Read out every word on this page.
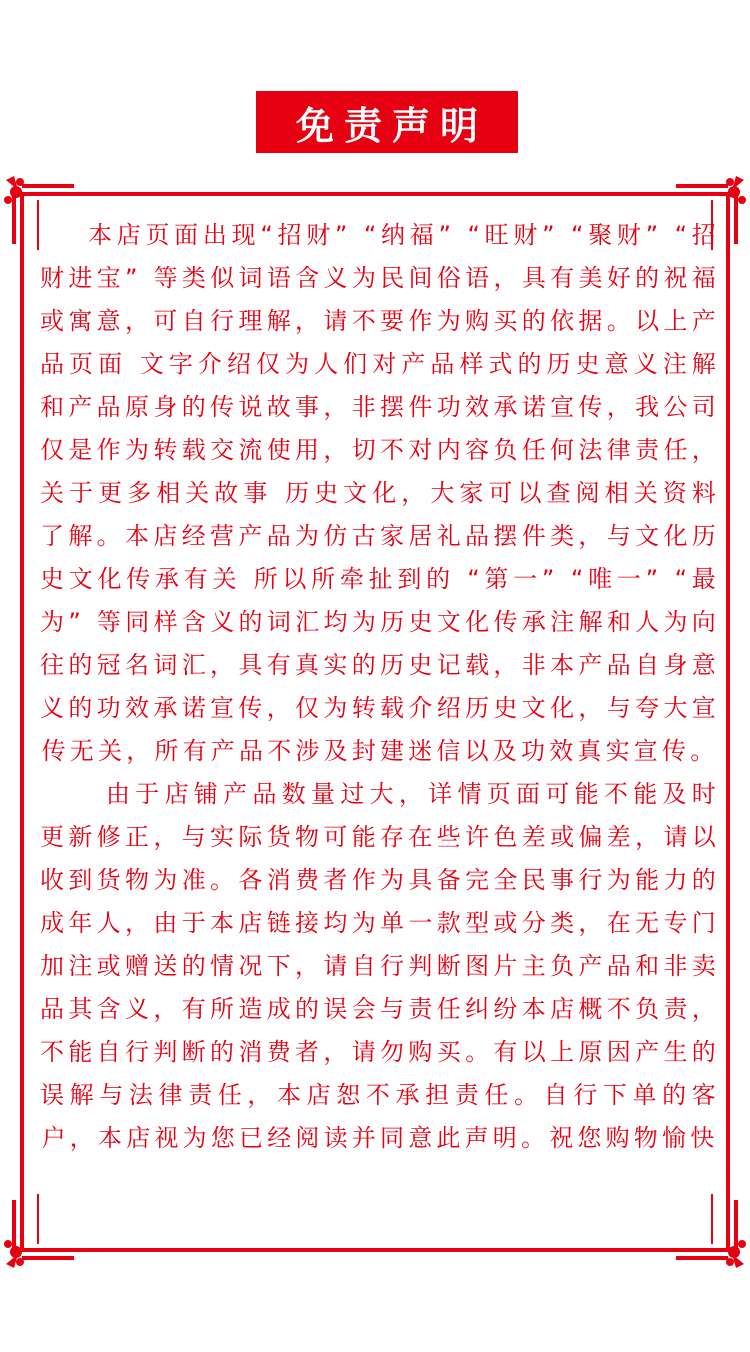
免责声明

本店页面出现“招财” “纳福” “旺财” “聚财” “招财进宝” 等类似词语含义为民间俗语，具有美好的祝福或寓意，可自行理解，请不要作为购买的依据。以上产品页面 文字介绍仅为人们对产品样式的历史意义注解和产品原身的传说故事，非摆件功效承诺宣传，我公司仅是作为转载交流使用，切不对内容负任何法律责任，关于更多相关故事 历史文化，大家可以查阅相关资料了解。本店经营产品为仿古家居礼品摆件类，与文化历史文化传承有关 所以所牵扯到的 “第一” “唯一” “最为” 等同样含义的词汇均为历史文化传承注解和人为向往的冠名词汇，具有真实的历史记载，非本产品自身意义的功效承诺宣传，仅为转载介绍历史文化，与夸大宣传无关，所有产品不涉及封建迷信以及功效真实宣传。

由于店铺产品数量过大，详情页面可能不能及时更新修正，与实际货物可能存在些许色差或偏差，请以收到货物为准。各消费者作为具备完全民事行为能力的成年人，由于本店链接均为单一款型或分类，在无专门加注或赠送的情况下，请自行判断图片主负产品和非卖品其含义，有所造成的误会与责任纠纷本店概不负责，不能自行判断的消费者，请勿购买。有以上原因产生的误解与法律责任，本店恕不承担责任。自行下单的客户，本店视为您已经阅读并同意此声明。祝您购物愉快
